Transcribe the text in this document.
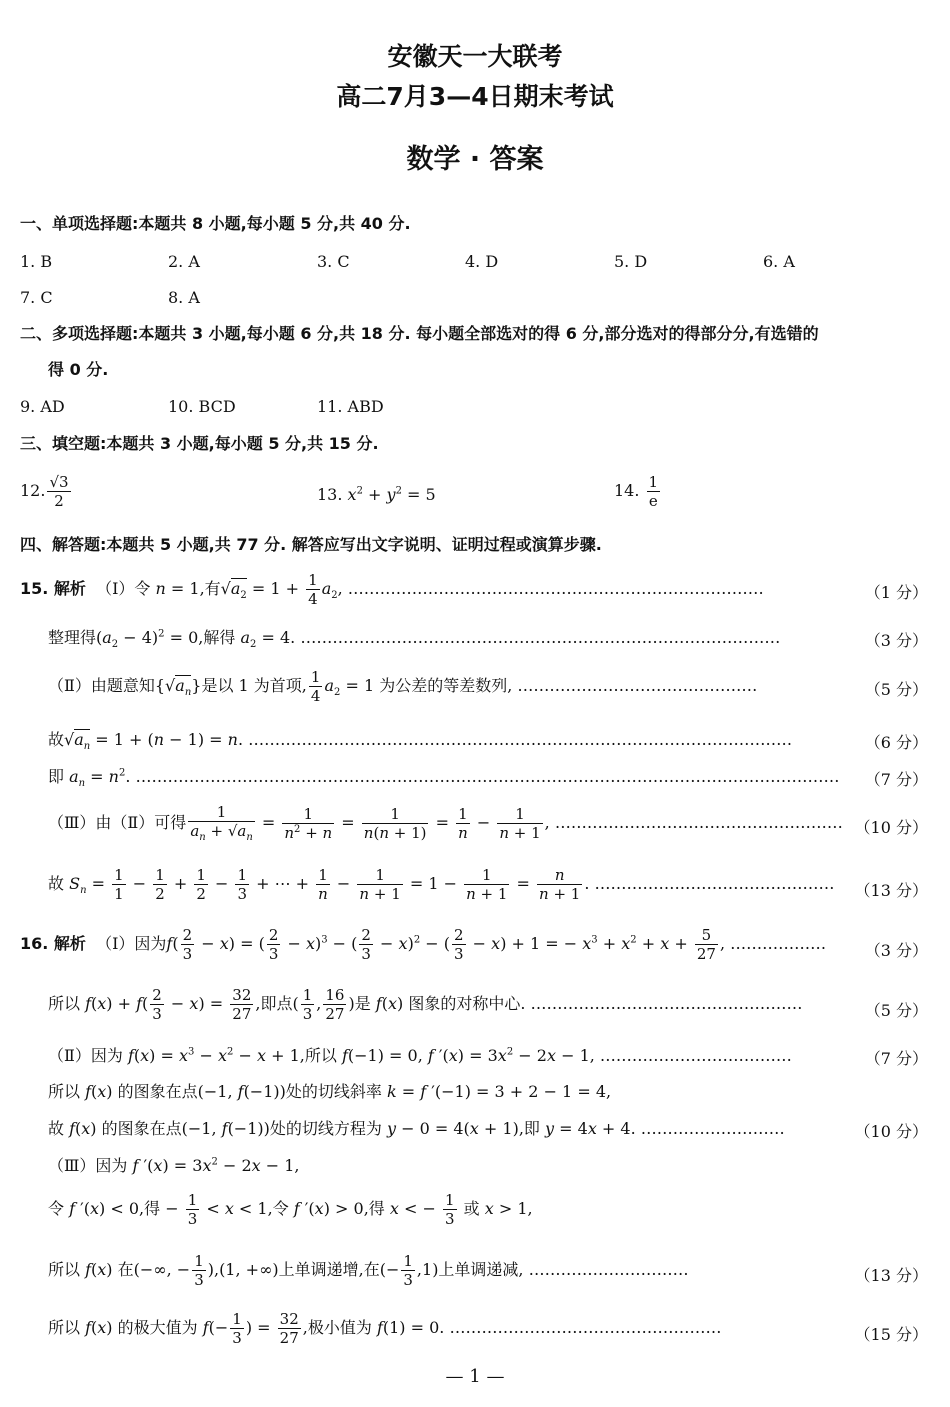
安徽天一大联考
高二7月3—4日期末考试
数学 · 答案
一、单项选择题:本题共 8 小题,每小题 5 分,共 40 分.
1. B	2. A	3. C	4. D	5. D	6. A
7. C	8. A
二、多项选择题:本题共 3 小题,每小题 6 分,共 18 分. 每小题全部选对的得 6 分,部分选对的得部分分,有选错的
得 0 分.
9. AD	10. BCD	11. ABD
三、填空题:本题共 3 小题,每小题 5 分,共 15 分.
12. $\frac{√3}{2}$	13. $x^2 + y^2 = 5$	14. $\frac{1}{e}$
四、解答题:本题共 5 小题,共 77 分. 解答应写出文字说明、证明过程或演算步骤.
15. 解析  （Ⅰ）令 n = 1,有$√a_2 = 1 + \frac{1}{4} a_2$, ……………………………………………………………………	（1 分）
整理得$(a_2 - 4)^2 = 0$,解得 $a_2 = 4$. ………………………………………………………………………………	（3 分）
（Ⅱ）由题意知$\{√a_n\}$是以 1 为首项, $\frac{1}{4} a_2 = 1$ 为公差的等差数列, ………………………………………	（5 分）
故$√a_n = 1 + (n - 1) = n$. …………………………………………………………………………………………	（6 分）
即 $a_n = n^2$. …………………………………………………………………………………………………………………… （7 分）
（Ⅲ）由（Ⅱ）可得 $\frac{1}{a_n + √a_n} = \frac{1}{n^2 + n} = \frac{1}{n(n + 1)} = \frac{1}{n} - \frac{1}{n + 1}$ , ……………………………………………… （10 分）
故 $S_n = \frac{1}{1} - \frac{1}{2} + \frac{1}{2} - \frac{1}{3}$ + ⋯ + $\frac{1}{n} - \frac{1}{n + 1} = 1 - \frac{1}{n + 1} = \frac{n}{n + 1}$ . ……………………………………… （13 分）
16. 解析  （Ⅰ）因为$f( \frac{2}{3} - x)$ = ( $\frac{2}{3} - x)^3$ − ( $\frac{2}{3} - x)^2$ − ( $\frac{2}{3} - x) + 1$ = − $x^3 + x^2 + x + \frac{5}{27}$ , ……………… （3 分）
所以 $f(x) + f( \frac{2}{3} - x) = \frac{32}{27}$ ,即点( $\frac{1}{3}$ , $\frac{16}{27}$ )是 f(x) 图象的对称中心. ……………………………………………	（5 分）
（Ⅱ）因为 $f(x) = x^3 - x^2 - x + 1$,所以 f(−1) = 0, f $'(x) = 3x^2 - 2x - 1$, ………………………………	（7 分）
所以 f(x) 的图象在点(−1, f(−1))处的切线斜率 k = f ′(−1) = 3 + 2 − 1 = 4,
故 f(x) 的图象在点(−1, f(−1))处的切线方程为 y − 0 = 4(x + 1),即 y = 4x + 4. ………………………	（10 分）
（Ⅲ）因为 f $'(x) = 3x^2 - 2x - 1$,
令 f ′(x) < 0,得 − $\frac{1}{3} < x < 1$,令 f ′(x) > 0,得 x < − $\frac{1}{3}$ 或 x > 1,
所以 f(x) 在(−∞, − $\frac{1}{3} ),(1$, +∞)上单调递增,在(− $\frac{1}{3} ,1$)上单调递减, …………………………	（13 分）
所以 f(x) 的极大值为 $f(- \frac{1}{3}$ ) = $\frac{32}{27}$ ,极小值为 f(1) = 0. ……………………………………………	（15 分）
— 1 —
